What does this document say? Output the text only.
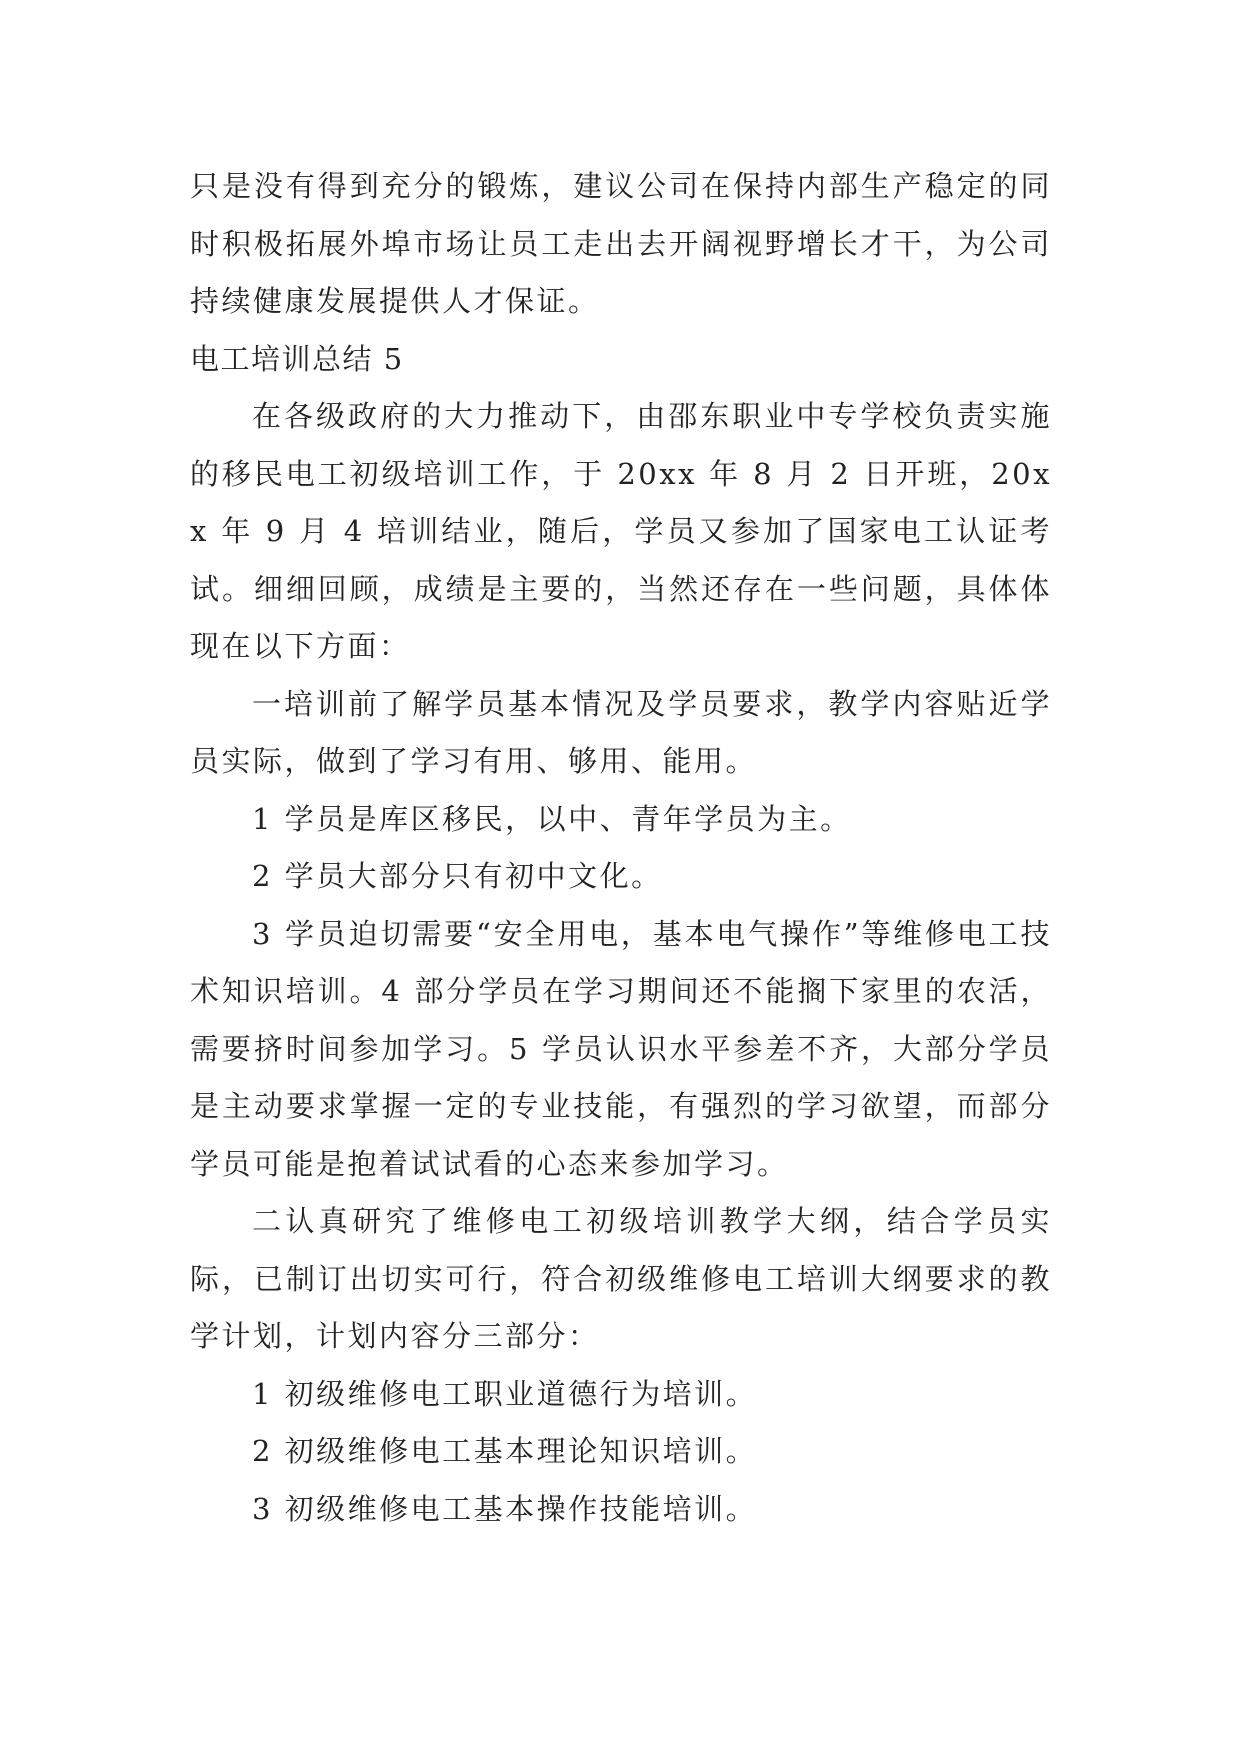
只是没有得到充分的锻炼，建议公司在保持内部生产稳定的同时积极拓展外埠市场让员工走出去开阔视野增长才干，为公司持续健康发展提供人才保证。

电工培训总结 5

在各级政府的大力推动下，由邵东职业中专学校负责实施的移民电工初级培训工作，于 20xx 年 8 月 2 日开班，20xx 年 9 月 4 培训结业，随后，学员又参加了国家电工认证考试。细细回顾，成绩是主要的，当然还存在一些问题，具体体现在以下方面：

一培训前了解学员基本情况及学员要求，教学内容贴近学员实际，做到了学习有用、够用、能用。

1 学员是库区移民，以中、青年学员为主。

2 学员大部分只有初中文化。

3 学员迫切需要“安全用电，基本电气操作”等维修电工技术知识培训。4 部分学员在学习期间还不能搁下家里的农活，需要挤时间参加学习。5 学员认识水平参差不齐，大部分学员是主动要求掌握一定的专业技能，有强烈的学习欲望，而部分学员可能是抱着试试看的心态来参加学习。

二认真研究了维修电工初级培训教学大纲，结合学员实际，已制订出切实可行，符合初级维修电工培训大纲要求的教学计划，计划内容分三部分：

1 初级维修电工职业道德行为培训。

2 初级维修电工基本理论知识培训。

3 初级维修电工基本操作技能培训。
